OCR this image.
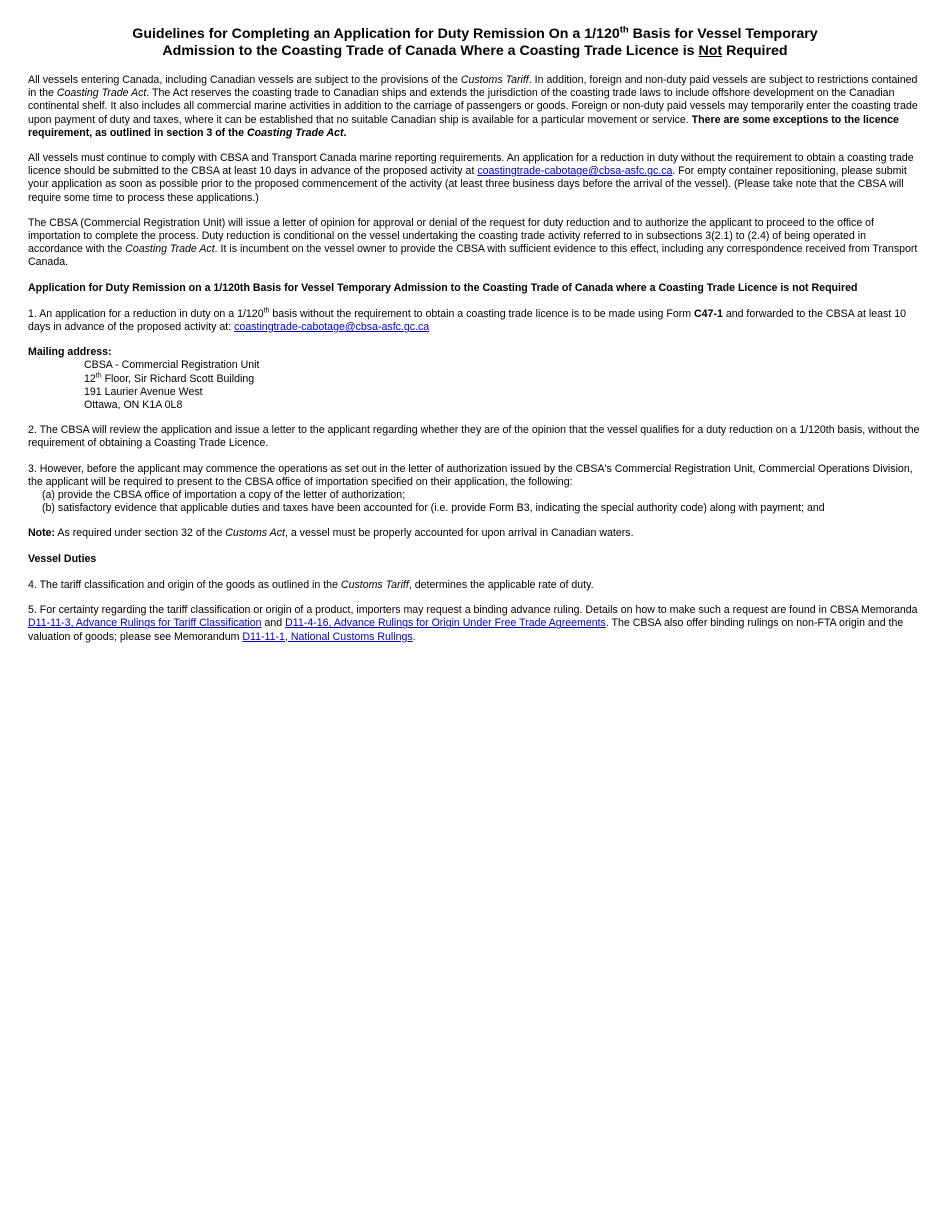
Guidelines for Completing an Application for Duty Remission On a 1/120th Basis for Vessel Temporary
Admission to the Coasting Trade of Canada Where a Coasting Trade Licence is Not Required

All vessels entering Canada, including Canadian vessels are subject to the provisions of the Customs Tariff. In addition, foreign and non-duty paid vessels are subject to restrictions contained in the Coasting Trade Act. The Act reserves the coasting trade to Canadian ships and extends the jurisdiction of the coasting trade laws to include offshore development on the Canadian continental shelf. It also includes all commercial marine activities in addition to the carriage of passengers or goods. Foreign or non-duty paid vessels may temporarily enter the coasting trade upon payment of duty and taxes, where it can be established that no suitable Canadian ship is available for a particular movement or service. There are some exceptions to the licence requirement, as outlined in section 3 of the Coasting Trade Act.

All vessels must continue to comply with CBSA and Transport Canada marine reporting requirements. An application for a reduction in duty without the requirement to obtain a coasting trade licence should be submitted to the CBSA at least 10 days in advance of the proposed activity at coastingtrade-cabotage@cbsa-asfc.gc.ca. For empty container repositioning, please submit your application as soon as possible prior to the proposed commencement of the activity (at least three business days before the arrival of the vessel). (Please take note that the CBSA will require some time to process these applications.)

The CBSA (Commercial Registration Unit) will issue a letter of opinion for approval or denial of the request for duty reduction and to authorize the applicant to proceed to the office of importation to complete the process. Duty reduction is conditional on the vessel undertaking the coasting trade activity referred to in subsections 3(2.1) to (2.4) of being operated in accordance with the Coasting Trade Act. It is incumbent on the vessel owner to provide the CBSA with sufficient evidence to this effect, including any correspondence received from Transport Canada.

Application for Duty Remission on a 1/120th Basis for Vessel Temporary Admission to the Coasting Trade of Canada where a Coasting Trade Licence is not Required

1. An application for a reduction in duty on a 1/120th basis without the requirement to obtain a coasting trade licence is to be made using Form C47-1 and forwarded to the CBSA at least 10 days in advance of the proposed activity at: coastingtrade-cabotage@cbsa-asfc.gc.ca

Mailing address:
CBSA - Commercial Registration Unit
12th Floor, Sir Richard Scott Building
191 Laurier Avenue West
Ottawa, ON K1A 0L8

2. The CBSA will review the application and issue a letter to the applicant regarding whether they are of the opinion that the vessel qualifies for a duty reduction on a 1/120th basis, without the requirement of obtaining a Coasting Trade Licence.

3. However, before the applicant may commence the operations as set out in the letter of authorization issued by the CBSA's Commercial Registration Unit, Commercial Operations Division, the applicant will be required to present to the CBSA office of importation specified on their application, the following:
(a) provide the CBSA office of importation a copy of the letter of authorization;
(b) satisfactory evidence that applicable duties and taxes have been accounted for (i.e. provide Form B3, indicating the special authority code) along with payment; and

Note: As required under section 32 of the Customs Act, a vessel must be properly accounted for upon arrival in Canadian waters.

Vessel Duties

4. The tariff classification and origin of the goods as outlined in the Customs Tariff, determines the applicable rate of duty.

5. For certainty regarding the tariff classification or origin of a product, importers may request a binding advance ruling. Details on how to make such a request are found in CBSA Memoranda D11-11-3, Advance Rulings for Tariff Classification and D11-4-16, Advance Rulings for Origin Under Free Trade Agreements. The CBSA also offer binding rulings on non-FTA origin and the valuation of goods; please see Memorandum D11-11-1, National Customs Rulings.
